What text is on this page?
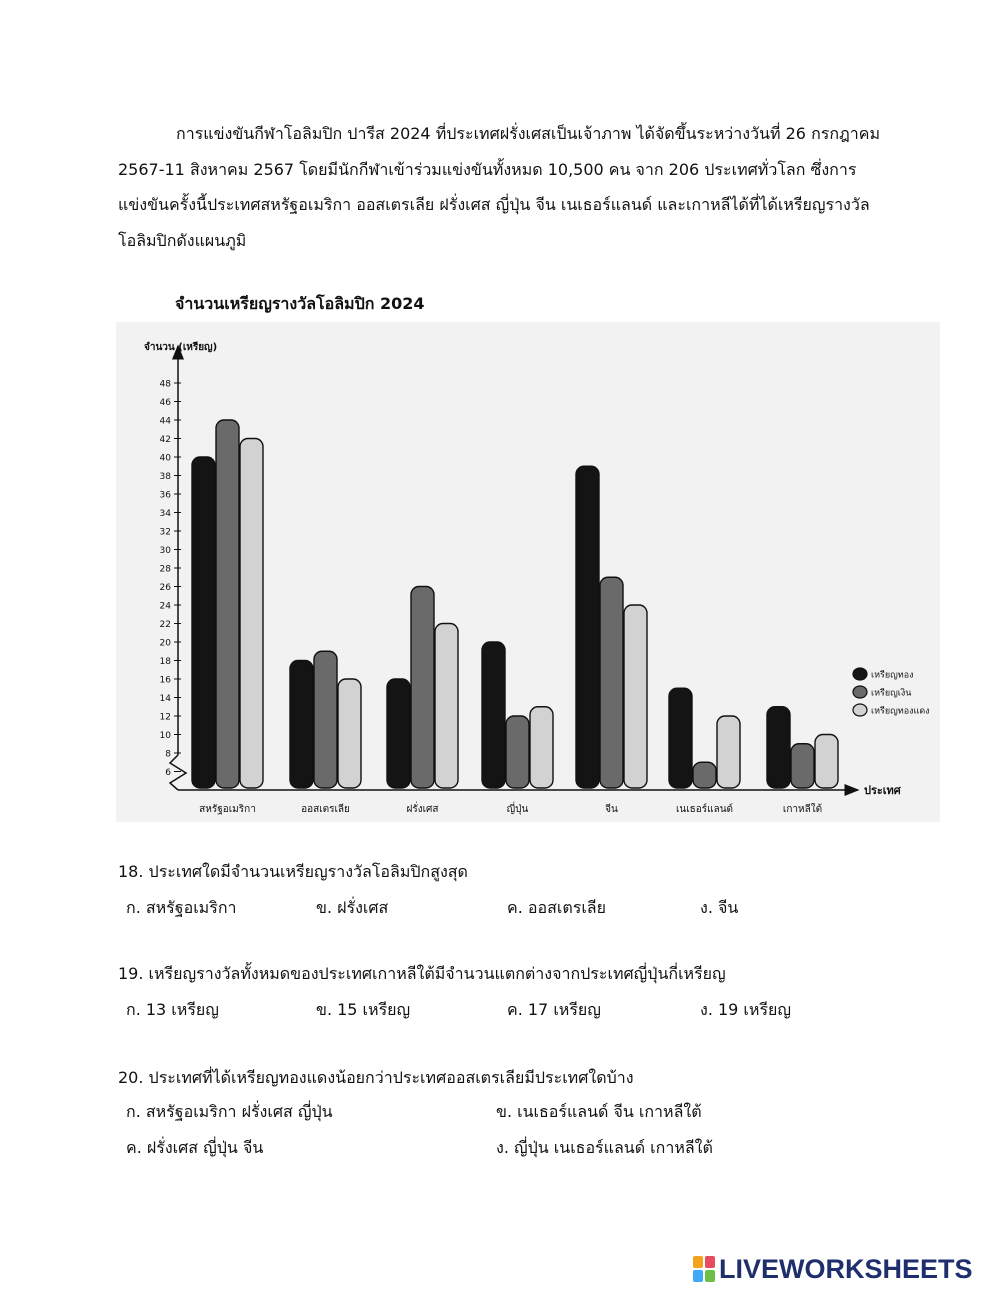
การแข่งขันกีฬาโอลิมปิก ปารีส 2024 ที่ประเทศฝรั่งเศสเป็นเจ้าภาพ ได้จัดขึ้นระหว่างวันที่ 26 กรกฎาคม
2567-11 สิงหาคม 2567 โดยมีนักกีฬาเข้าร่วมแข่งขันทั้งหมด 10,500 คน จาก 206 ประเทศทั่วโลก ซึ่งการ
แข่งขันครั้งนี้ประเทศสหรัฐอเมริกา ออสเตรเลีย ฝรั่งเศส ญี่ปุ่น จีน เนเธอร์แลนด์ และเกาหลีได้ที่ได้เหรียญรางวัล
โอลิมปิกดังแผนภูมิ

จำนวนเหรียญรางวัลโอลิมปิก 2024
จำนวน (เหรียญ)
ประเทศ
6
8
10
12
14
16
18
20
22
24
26
28
30
32
34
36
38
40
42
44
46
48
สหรัฐอเมริกา	ออสเตรเลีย	ฝรั่งเศส	ญี่ปุ่น	จีน	เนเธอร์แลนด์	เกาหลีใต้
เหรียญทอง
เหรียญเงิน
เหรียญทองแดง
18. ประเทศใดมีจำนวนเหรียญรางวัลโอลิมปิกสูงสุด
ก. สหรัฐอเมริกา	ข. ฝรั่งเศส	ค. ออสเตรเลีย	ง. จีน
19. เหรียญรางวัลทั้งหมดของประเทศเกาหลีใต้มีจำนวนแตกต่างจากประเทศญี่ปุ่นกี่เหรียญ
ก. 13 เหรียญ	ข. 15 เหรียญ	ค. 17 เหรียญ	ง. 19 เหรียญ
20. ประเทศที่ได้เหรียญทองแดงน้อยกว่าประเทศออสเตรเลียมีประเทศใดบ้าง
ก. สหรัฐอเมริกา ฝรั่งเศส ญี่ปุ่น	ข. เนเธอร์แลนด์ จีน เกาหลีใต้
ค. ฝรั่งเศส ญี่ปุ่น จีน	ง. ญี่ปุ่น เนเธอร์แลนด์ เกาหลีใต้
LIVEWORKSHEETS
